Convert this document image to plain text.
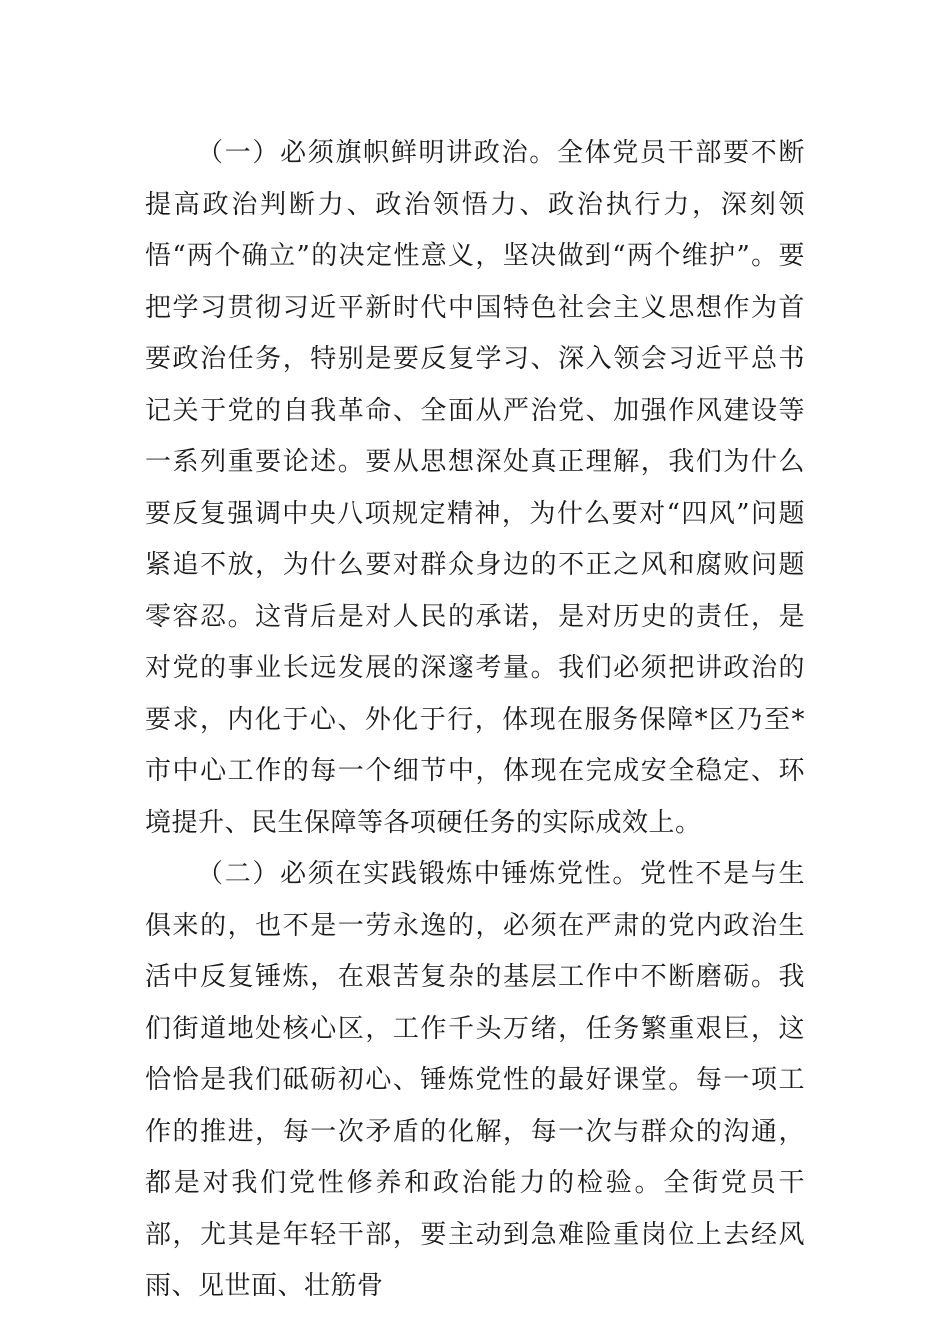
（一）必须旗帜鲜明讲政治。全体党员干部要不断提高政治判断力、政治领悟力、政治执行力，深刻领悟“两个确立”的决定性意义，坚决做到“两个维护”。要把学习贯彻习近平新时代中国特色社会主义思想作为首要政治任务，特别是要反复学习、深入领会习近平总书记关于党的自我革命、全面从严治党、加强作风建设等一系列重要论述。要从思想深处真正理解，我们为什么要反复强调中央八项规定精神，为什么要对“四风”问题紧追不放，为什么要对群众身边的不正之风和腐败问题零容忍。这背后是对人民的承诺，是对历史的责任，是对党的事业长远发展的深邃考量。我们必须把讲政治的要求，内化于心、外化于行，体现在服务保障*区乃至*市中心工作的每一个细节中，体现在完成安全稳定、环境提升、民生保障等各项硬任务的实际成效上。

（二）必须在实践锻炼中锤炼党性。党性不是与生俱来的，也不是一劳永逸的，必须在严肃的党内政治生活中反复锤炼，在艰苦复杂的基层工作中不断磨砺。我们街道地处核心区，工作千头万绪，任务繁重艰巨，这恰恰是我们砥砺初心、锤炼党性的最好课堂。每一项工作的推进，每一次矛盾的化解，每一次与群众的沟通，都是对我们党性修养和政治能力的检验。全街党员干部，尤其是年轻干部，要主动到急难险重岗位上去经风雨、见世面、壮筋骨
